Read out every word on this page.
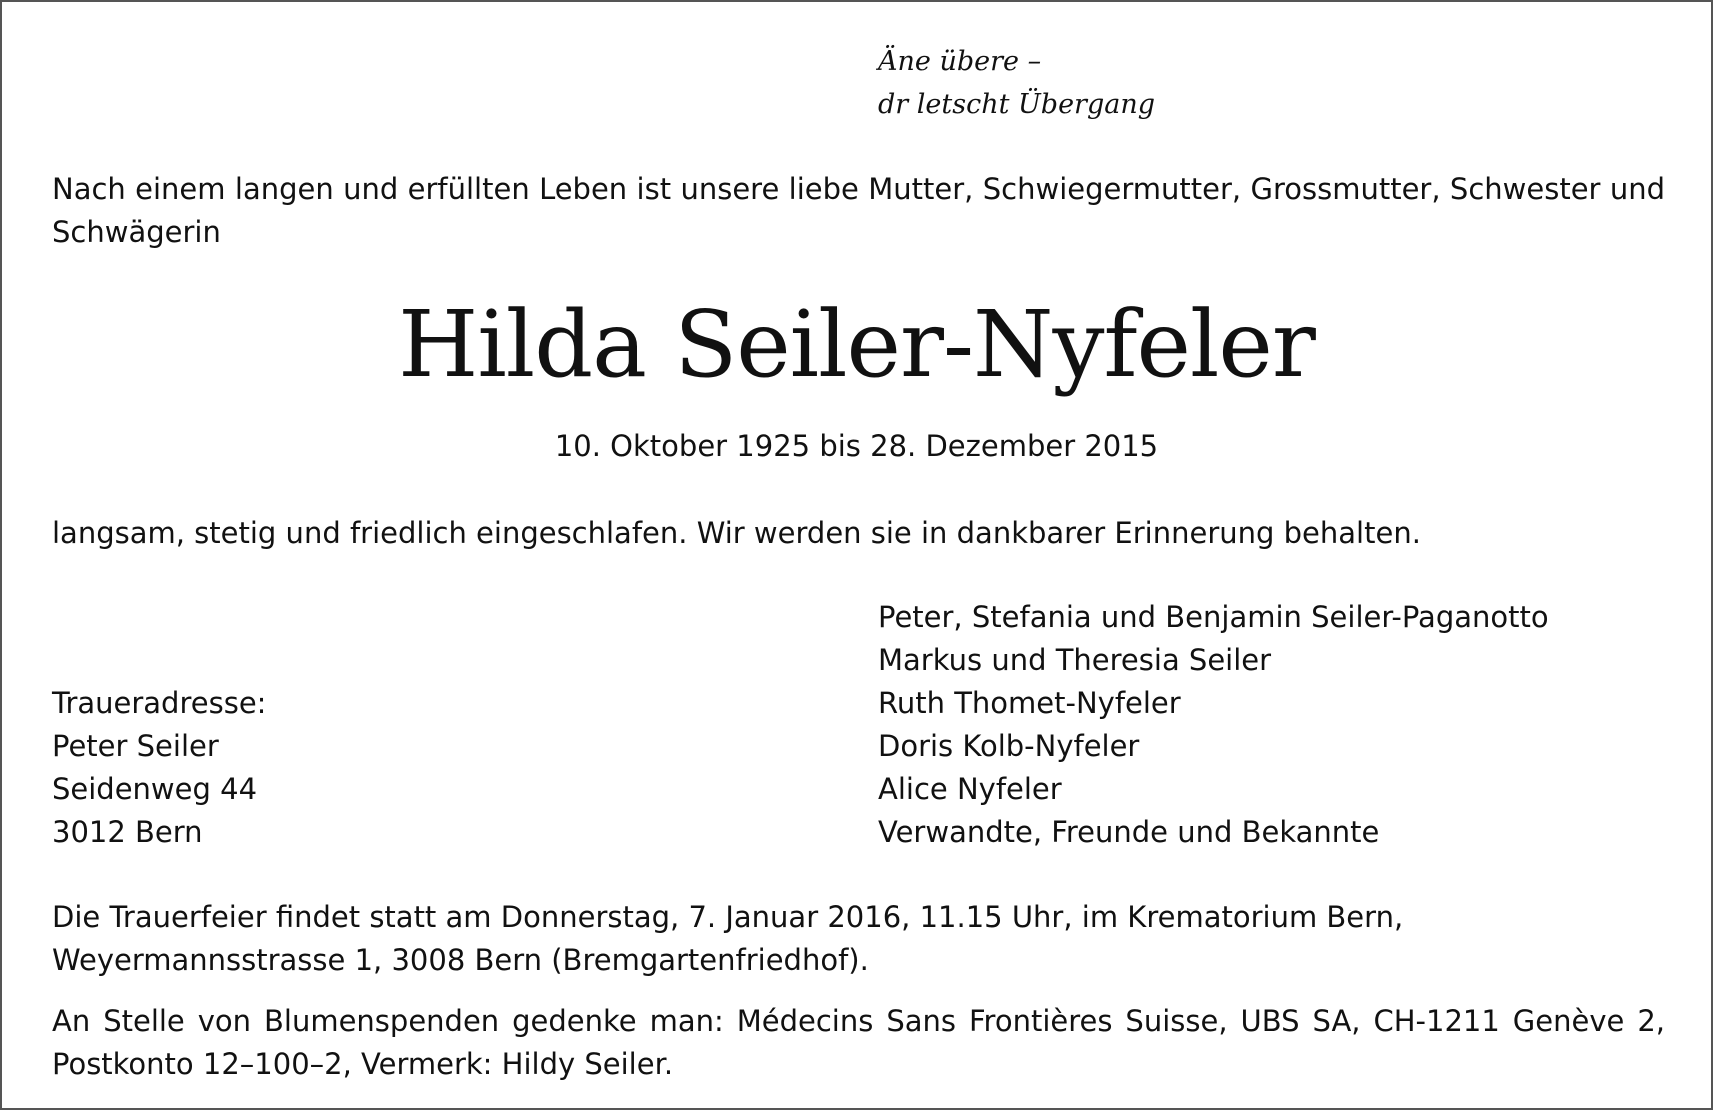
Äne übere –
dr letscht Übergang

Nach einem langen und erfüllten Leben ist unsere liebe Mutter, Schwiegermutter, Grossmutter, Schwester und Schwägerin

Hilda Seiler-Nyfeler

10. Oktober 1925 bis 28. Dezember 2015

langsam, stetig und friedlich eingeschlafen. Wir werden sie in dankbarer Erinnerung behalten.

Traueradresse:
Peter Seiler
Seidenweg 44
3012 Bern
Peter, Stefania und Benjamin Seiler-Paganotto
Markus und Theresia Seiler
Ruth Thomet-Nyfeler
Doris Kolb-Nyfeler
Alice Nyfeler
Verwandte, Freunde und Bekannte

Die Trauerfeier findet statt am Donnerstag, 7. Januar 2016, 11.15 Uhr, im Krematorium Bern, Weyermannsstrasse 1, 3008 Bern (Bremgartenfriedhof).

An Stelle von Blumenspenden gedenke man: Médecins Sans Frontières Suisse, UBS SA, CH-1211 Genève 2, Postkonto 12–100–2, Vermerk: Hildy Seiler.
